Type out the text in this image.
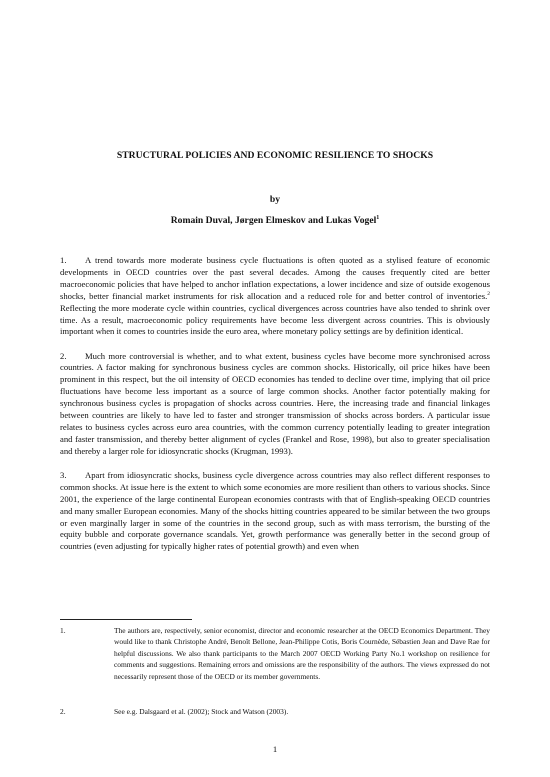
STRUCTURAL POLICIES AND ECONOMIC RESILIENCE TO SHOCKS
by
Romain Duval, Jørgen Elmeskov and Lukas Vogel$^1$

1. A trend towards more moderate business cycle fluctuations is often quoted as a stylised feature of economic developments in OECD countries over the past several decades. Among the causes frequently cited are better macroeconomic policies that have helped to anchor inflation expectations, a lower incidence and size of outside exogenous shocks, better financial market instruments for risk allocation and a reduced role for and better control of inventories.$^2$ Reflecting the more moderate cycle within countries, cyclical divergences across countries have also tended to shrink over time. As a result, macroeconomic policy requirements have become less divergent across countries. This is obviously important when it comes to countries inside the euro area, where monetary policy settings are by definition identical.

2. Much more controversial is whether, and to what extent, business cycles have become more synchronised across countries. A factor making for synchronous business cycles are common shocks. Historically, oil price hikes have been prominent in this respect, but the oil intensity of OECD economies has tended to decline over time, implying that oil price fluctuations have become less important as a source of large common shocks. Another factor potentially making for synchronous business cycles is propagation of shocks across countries. Here, the increasing trade and financial linkages between countries are likely to have led to faster and stronger transmission of shocks across borders. A particular issue relates to business cycles across euro area countries, with the common currency potentially leading to greater integration and faster transmission, and thereby better alignment of cycles (Frankel and Rose, 1998), but also to greater specialisation and thereby a larger role for idiosyncratic shocks (Krugman, 1993).

3. Apart from idiosyncratic shocks, business cycle divergence across countries may also reflect different responses to common shocks. At issue here is the extent to which some economies are more resilient than others to various shocks. Since 2001, the experience of the large continental European economies contrasts with that of English-speaking OECD countries and many smaller European economies. Many of the shocks hitting countries appeared to be similar between the two groups or even marginally larger in some of the countries in the second group, such as with mass terrorism, the bursting of the equity bubble and corporate governance scandals. Yet, growth performance was generally better in the second group of countries (even adjusting for typically higher rates of potential growth) and even when

1.	The authors are, respectively, senior economist, director and economic researcher at the OECD Economics Department. They would like to thank Christophe André, Benoît Bellone, Jean-Philippe Cotis, Boris Cournède, Sébastien Jean and Dave Rae for helpful discussions. We also thank participants to the March 2007 OECD Working Party No.1 workshop on resilience for comments and suggestions. Remaining errors and omissions are the responsibility of the authors. The views expressed do not necessarily represent those of the OECD or its member governments.
2.	See e.g. Dalsgaard et al. (2002); Stock and Watson (2003).
1
